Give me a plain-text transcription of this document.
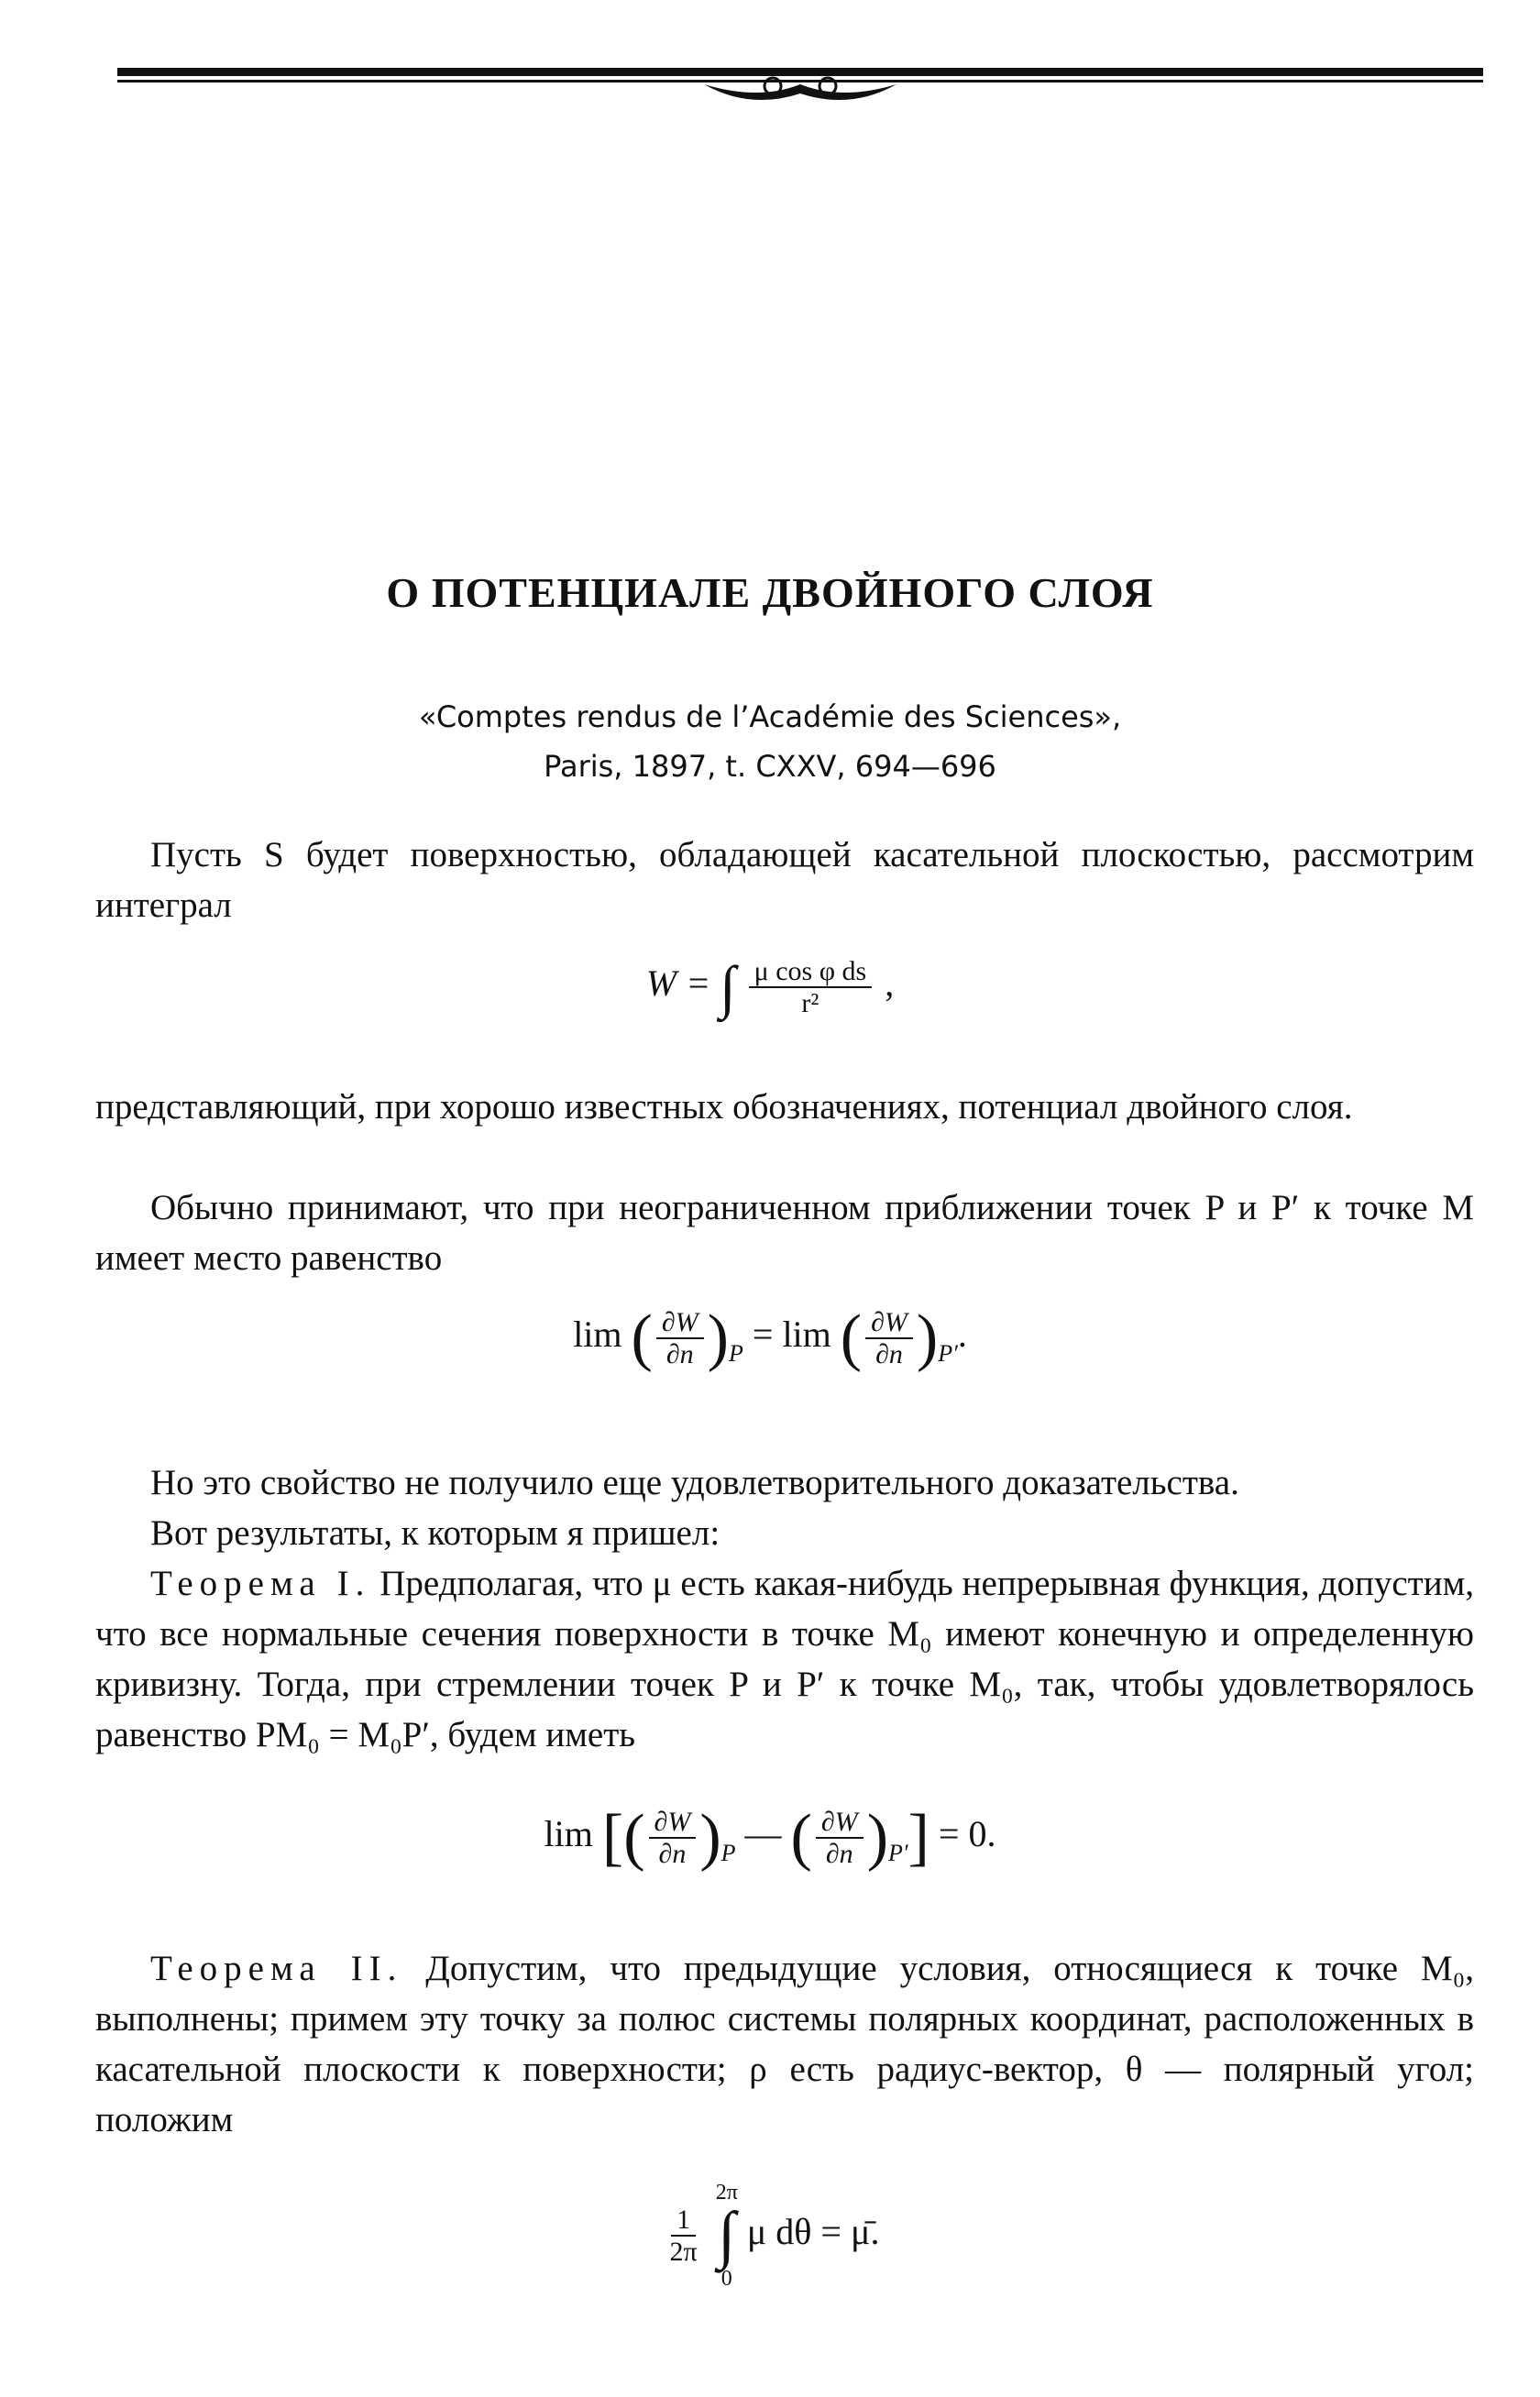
О ПОТЕНЦИАЛЕ ДВОЙНОГО СЛОЯ
«Comptes rendus de l’Académie des Sciences»,
Paris, 1897, t. CXXV, 694—696

Пусть S будет поверхностью, обладающей касательной плоскостью, рассмотрим интеграл

W = ∫ $\frac{\text{μ cos φ ds}}{\text{r²}}$ ,

представляющий, при хорошо известных обозначениях, потенциал двойного слоя.

Обычно принимают, что при неограниченном приближении точек P и P′ к точке M имеет место равенство

lim ( $\frac{\partial W}{\partial n} )_P = \lim$ ( $\frac{\partial W}{\partial n} )_{P'}$.

Но это свойство не получило еще удовлетворительного доказательства.

Вот результаты, к которым я пришел:

Теорема I. Предполагая, что μ есть какая-нибудь непрерывная функция, допустим, что все нормальные сечения поверхности в точке M₀ имеют конечную и определенную кривизну. Тогда, при стремлении точек P и P′ к точке M₀, так, чтобы удовлетворялось равенство PM₀ = M₀P′, будем иметь

lim [( $\frac{\partial W}{\partial n} )_P$ — ( $\frac{\partial W}{\partial n} )_{P'}] = 0$.

Теорема II. Допустим, что предыдущие условия, относящиеся к точке M₀, выполнены; примем эту точку за полюс системы полярных координат, расположенных в касательной плоскости к поверхности; ρ есть радиус-вектор, θ — полярный угол; положим

$\frac{1}{2\pi}$

2π
∫
0
μ dθ = μ̄.
